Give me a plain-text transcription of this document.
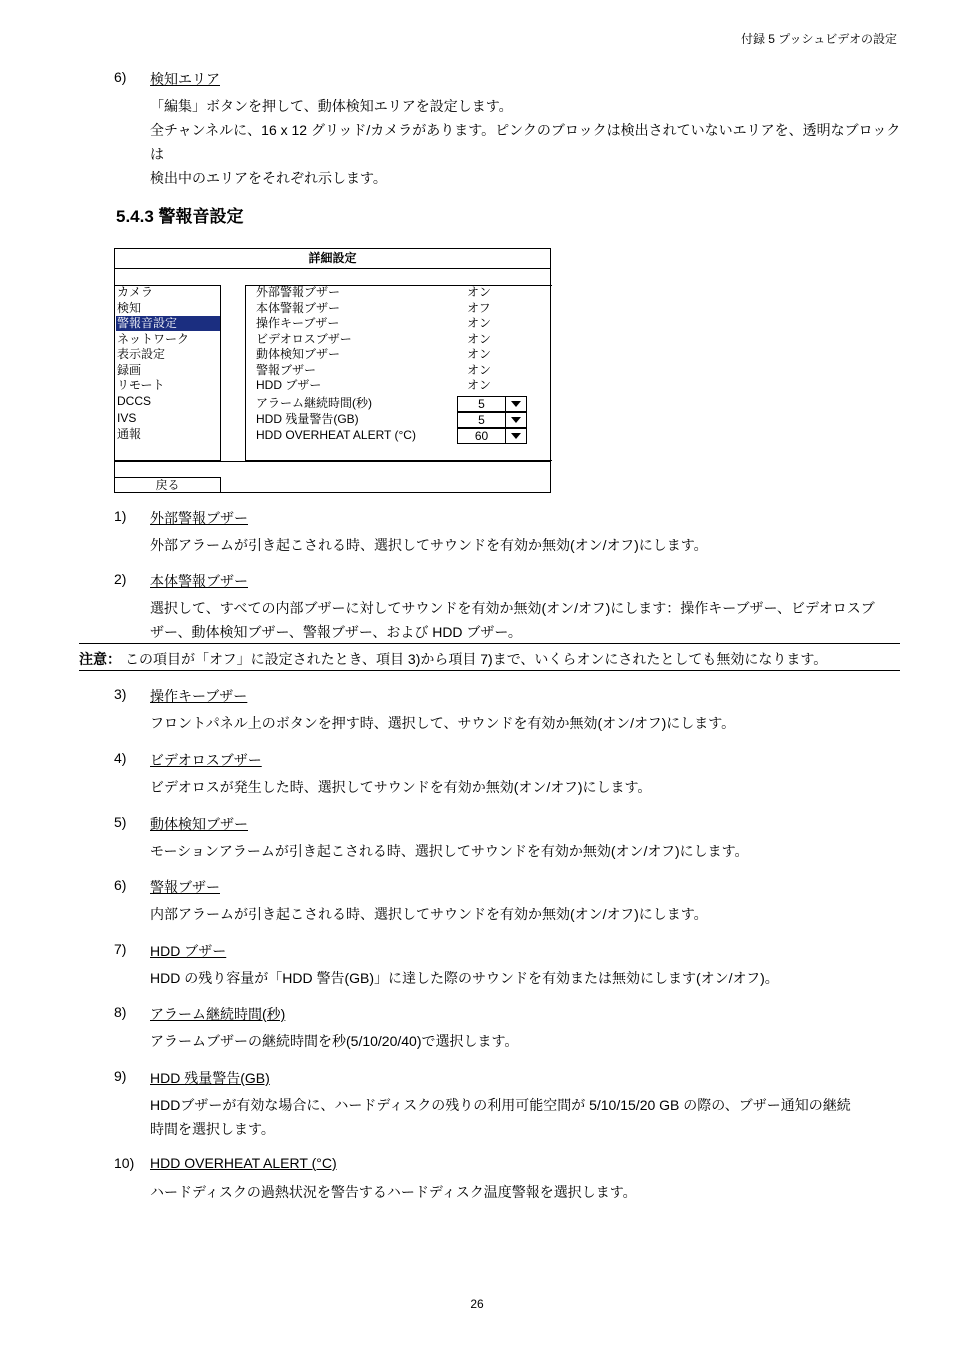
付録 5 プッシュビデオの設定
6) 検知エリア
「編集」ボタンを押して、動体検知エリアを設定します。
全チャンネルに、16 x 12 グリッド/カメラがあります。ピンクのブロックは検出されていないエリアを、透明なブロックは
検出中のエリアをそれぞれ示します。
5.4.3 警報音設定
詳細設定
戻る
カメラ
検知
警報音設定
ネットワーク
表示設定
録画
リモート
DCCS
IVS
通報
外部警報ブザー	オン
本体警報ブザー	オフ
操作キーブザー	オン
ビデオロスブザー	オン
動体検知ブザー	オン
警報ブザー	オン
HDD ブザー	オン
アラーム継続時間(秒)	5
HDD 残量警告(GB)	5
HDD OVERHEAT ALERT (°C)	60
1) 外部警報ブザー
外部アラームが引き起こされる時、選択してサウンドを有効か無効(オン/オフ)にします。
2) 本体警報ブザー
選択して、すべての内部ブザーに対してサウンドを有効か無効(オン/オフ)にします：操作キーブザー、ビデオロスブ
ザー、動体検知ブザー、警報ブザー、および HDD ブザー。
注意： この項目が「オフ」に設定されたとき、項目 3)から項目 7)まで、いくらオンにされたとしても無効になります。
3) 操作キーブザー
フロントパネル上のボタンを押す時、選択して、サウンドを有効か無効(オン/オフ)にします。
4) ビデオロスブザー
ビデオロスが発生した時、選択してサウンドを有効か無効(オン/オフ)にします。
5) 動体検知ブザー
モーションアラームが引き起こされる時、選択してサウンドを有効か無効(オン/オフ)にします。
6) 警報ブザー
内部アラームが引き起こされる時、選択してサウンドを有効か無効(オン/オフ)にします。
7) HDD ブザー
HDD の残り容量が「HDD 警告(GB)」に達した際のサウンドを有効または無効にします(オン/オフ)。
8) アラーム継続時間(秒)
アラームブザーの継続時間を秒(5/10/20/40)で選択します。
9) HDD 残量警告(GB)
HDDブザーが有効な場合に、ハードディスクの残りの利用可能空間が 5/10/15/20 GB の際の、ブザー通知の継続
時間を選択します。
10) HDD OVERHEAT ALERT (°C)
ハードディスクの過熱状況を警告するハードディスク温度警報を選択します。
26
